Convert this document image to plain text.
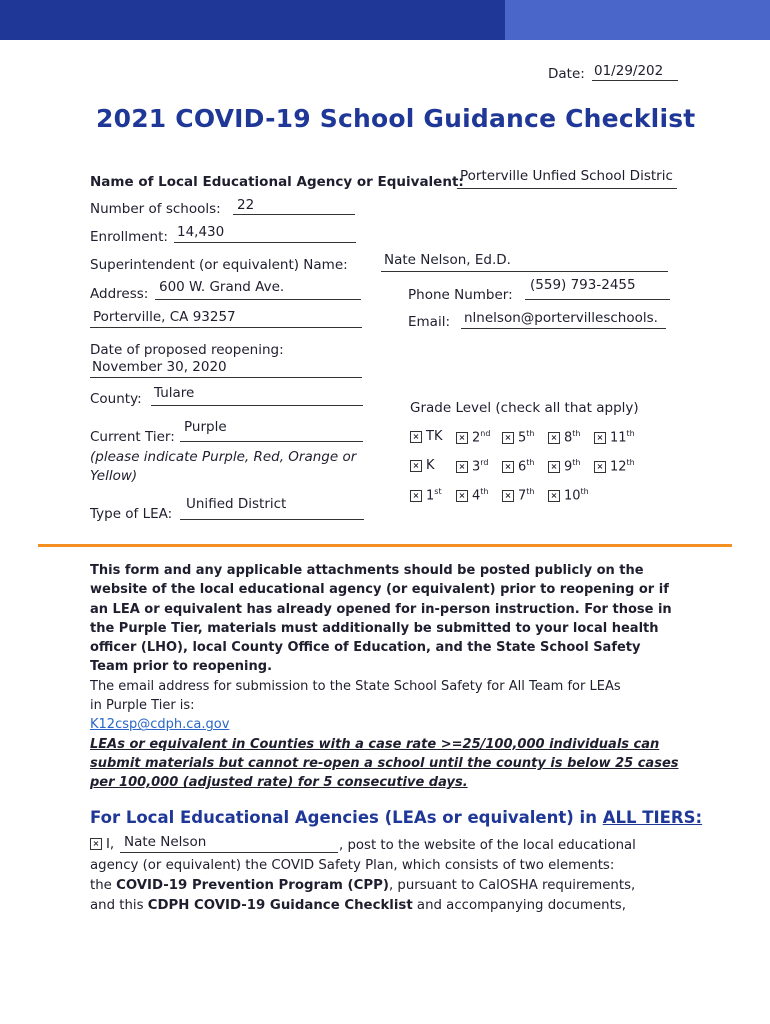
Date: 01/29/202
2021 COVID-19 School Guidance Checklist
Name of Local Educational Agency or Equivalent:
Porterville Unfied School Distric
Number of schools: 22
Enrollment: 14,430
Superintendent (or equivalent) Name:	Nate Nelson, Ed.D.
Address: 600 W. Grand Ave.
Porterville, CA 93257
Phone Number:
(559) 793-2455
Email: nlnelson@portervilleschools.
Date of proposed reopening:
November 30, 2020
County: Tulare
Current Tier:
Purple
(please indicate Purple, Red, Orange or
Yellow)
Type of LEA:
Unified District
Grade Level (check all that apply)
× TK	× 2nd	× 5th	× 8th	× 11th
× K	× 3rd	× 6th	× 9th	× 12th
× 1st	× 4th	× 7th	× 10th

This form and any applicable attachments should be posted publicly on the

website of the local educational agency (or equivalent) prior to reopening or if

an LEA or equivalent has already opened for in-person instruction. For those in

the Purple Tier, materials must additionally be submitted to your local health

officer (LHO), local County Office of Education, and the State School Safety

Team prior to reopening.

The email address for submission to the State School Safety for All Team for LEAs

in Purple Tier is:

K12csp@cdph.ca.gov

LEAs or equivalent in Counties with a case rate >=25/100,000 individuals can

submit materials but cannot re-open a school until the county is below 25 cases

per 100,000 (adjusted rate) for 5 consecutive days.

For Local Educational Agencies (LEAs or equivalent) in ALL TIERS:
× I, Nate Nelson	, post to the website of the local educational
agency (or equivalent) the COVID Safety Plan, which consists of two elements:
the COVID-19 Prevention Program (CPP), pursuant to CalOSHA requirements,
and this CDPH COVID-19 Guidance Checklist and accompanying documents,
